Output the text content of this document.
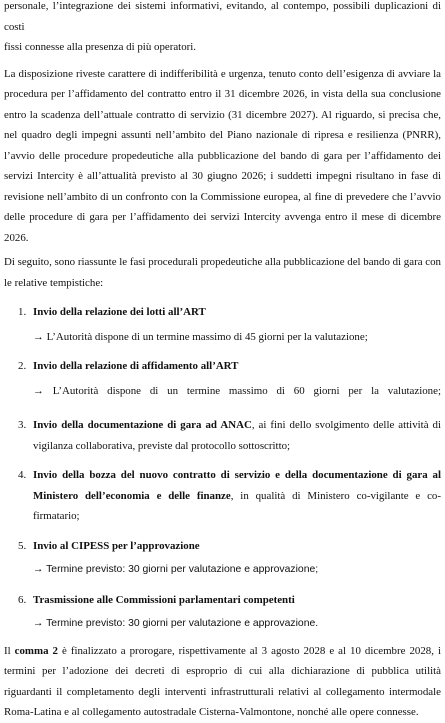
personale, l’integrazione dei sistemi informativi, evitando, al contempo, possibili duplicazioni di costi

fissi connesse alla presenza di più operatori.

La disposizione riveste carattere di indifferibilità e urgenza, tenuto conto dell’esigenza di avviare la procedura per l’affidamento del contratto entro il 31 dicembre 2026, in vista della sua conclusione entro la scadenza dell’attuale contratto di servizio (31 dicembre 2027). Al riguardo, si precisa che, nel quadro degli impegni assunti nell’ambito del Piano nazionale di ripresa e resilienza (PNRR), l’avvio delle procedure propedeutiche alla pubblicazione del bando di gara per l’affidamento dei servizi Intercity è all’attualità previsto al 30 giugno 2026; i suddetti impegni risultano in fase di revisione nell’ambito di un confronto con la Commissione europea, al fine di prevedere che l’avvio delle procedure di gara per l’affidamento dei servizi Intercity avvenga entro il mese di dicembre 2026.

Di seguito, sono riassunte le fasi procedurali propedeutiche alla pubblicazione del bando di gara con le relative tempistiche:

1. Invio della relazione dei lotti all’ART
→ L’Autorità dispone di un termine massimo di 45 giorni per la valutazione;
2. Invio della relazione di affidamento all’ART
→ L’Autorità dispone di un termine massimo di 60 giorni per la valutazione;
3. Invio della documentazione di gara ad ANAC, ai fini dello svolgimento delle attività di vigilanza collaborativa, previste dal protocollo sottoscritto;
4. Invio della bozza del nuovo contratto di servizio e della documentazione di gara al Ministero dell’economia e delle finanze, in qualità di Ministero co-vigilante e co-firmatario;
5. Invio al CIPESS per l’approvazione
→ Termine previsto: 30 giorni per valutazione e approvazione;
6. Trasmissione alle Commissioni parlamentari competenti
→ Termine previsto: 30 giorni per valutazione e approvazione.

Il comma 2 è finalizzato a prorogare, rispettivamente al 3 agosto 2028 e al 10 dicembre 2028, i termini per l’adozione dei decreti di esproprio di cui alla dichiarazione di pubblica utilità riguardanti il completamento degli interventi infrastrutturali relativi al collegamento intermodale Roma-Latina e al collegamento autostradale Cisterna-Valmontone, nonché alle opere connesse.
